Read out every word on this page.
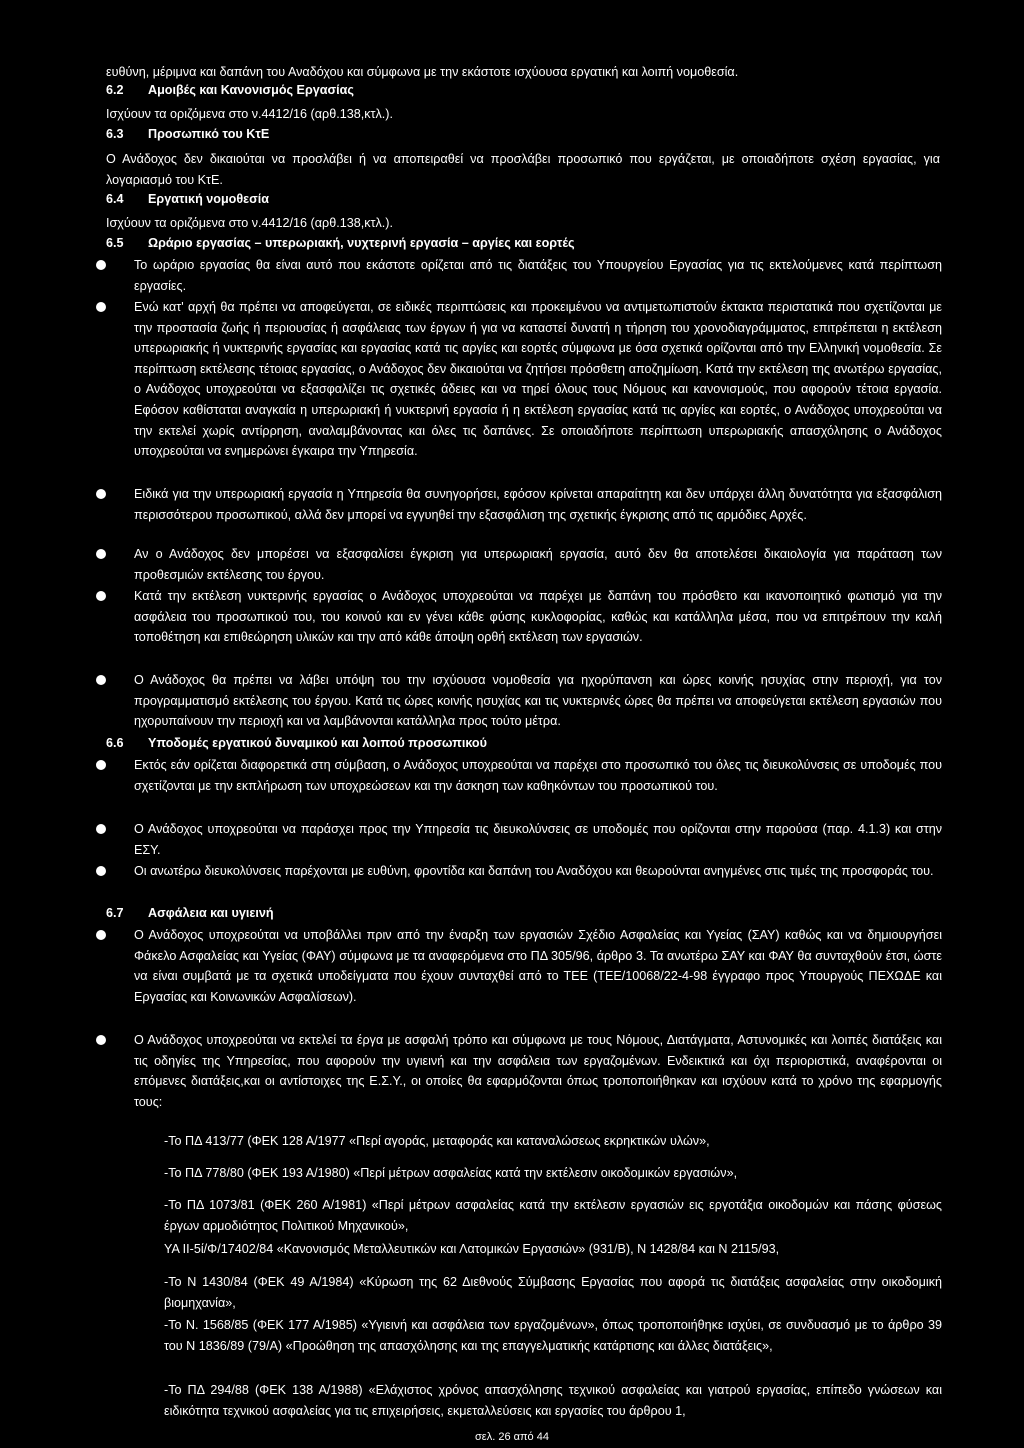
ευθύνη, μέριμνα και δαπάνη του Αναδόχου και σύμφωνα με την εκάστοτε ισχύουσα εργατική και λοιπή νομοθεσία.
6.2 Αμοιβές και Κανονισμός Εργασίας
Ισχύουν τα οριζόμενα στο ν.4412/16 (αρθ.138,κτλ.).
6.3 Προσωπικό του ΚτΕ
Ο Ανάδοχος δεν δικαιούται να προσλάβει ή να αποπειραθεί να προσλάβει προσωπικό που εργάζεται, με οποιαδήποτε σχέση εργασίας, για λογαριασμό του ΚτΕ.
6.4 Εργατική νομοθεσία
Ισχύουν τα οριζόμενα στο ν.4412/16 (αρθ.138,κτλ.).
6.5 Ωράριο εργασίας – υπερωριακή, νυχτερινή εργασία – αργίες και εορτές
Το ωράριο εργασίας θα είναι αυτό που εκάστοτε ορίζεται από τις διατάξεις του Υπουργείου Εργασίας για τις εκτελούμενες κατά περίπτωση εργασίες.
Ενώ κατ' αρχή θα πρέπει να αποφεύγεται, σε ειδικές περιπτώσεις και προκειμένου να αντιμετωπιστούν έκτακτα περιστατικά που σχετίζονται με την προστασία ζωής ή περιουσίας ή ασφάλειας των έργων ή για να καταστεί δυνατή η τήρηση του χρονοδιαγράμματος, επιτρέπεται η εκτέλεση υπερωριακής ή νυκτερινής εργασίας και εργασίας κατά τις αργίες και εορτές σύμφωνα με όσα σχετικά ορίζονται από την Ελληνική νομοθεσία. Σε περίπτωση εκτέλεσης τέτοιας εργασίας, ο Ανάδοχος δεν δικαιούται να ζητήσει πρόσθετη αποζημίωση. Κατά την εκτέλεση της ανωτέρω εργασίας, ο Ανάδοχος υποχρεούται να εξασφαλίζει τις σχετικές άδειες και να τηρεί όλους τους Νόμους και κανονισμούς, που αφορούν τέτοια εργασία. Εφόσον καθίσταται αναγκαία η υπερωριακή ή νυκτερινή εργασία ή η εκτέλεση εργασίας κατά τις αργίες και εορτές, ο Ανάδοχος υποχρεούται να την εκτελεί χωρίς αντίρρηση, αναλαμβάνοντας και όλες τις δαπάνες. Σε οποιαδήποτε περίπτωση υπερωριακής απασχόλησης ο Ανάδοχος υποχρεούται να ενημερώνει έγκαιρα την Υπηρεσία.
Ειδικά για την υπερωριακή εργασία η Υπηρεσία θα συνηγορήσει, εφόσον κρίνεται απαραίτητη και δεν υπάρχει άλλη δυνατότητα για εξασφάλιση περισσότερου προσωπικού, αλλά δεν μπορεί να εγγυηθεί την εξασφάλιση της σχετικής έγκρισης από τις αρμόδιες Αρχές.
Αν ο Ανάδοχος δεν μπορέσει να εξασφαλίσει έγκριση για υπερωριακή εργασία, αυτό δεν θα αποτελέσει δικαιολογία για παράταση των προθεσμιών εκτέλεσης του έργου.
Κατά την εκτέλεση νυκτερινής εργασίας ο Ανάδοχος υποχρεούται να παρέχει με δαπάνη του πρόσθετο και ικανοποιητικό φωτισμό για την ασφάλεια του προσωπικού του, του κοινού και εν γένει κάθε φύσης κυκλοφορίας, καθώς και κατάλληλα μέσα, που να επιτρέπουν την καλή τοποθέτηση και επιθεώρηση υλικών και την από κάθε άποψη ορθή εκτέλεση των εργασιών.
Ο Ανάδοχος θα πρέπει να λάβει υπόψη του την ισχύουσα νομοθεσία για ηχορύπανση και ώρες κοινής ησυχίας στην περιοχή, για τον προγραμματισμό εκτέλεσης του έργου. Κατά τις ώρες κοινής ησυχίας και τις νυκτερινές ώρες θα πρέπει να αποφεύγεται εκτέλεση εργασιών που ηχορυπαίνουν την περιοχή και να λαμβάνονται κατάλληλα προς τούτο μέτρα.
6.6 Υποδομές εργατικού δυναμικού και λοιπού προσωπικού
Εκτός εάν ορίζεται διαφορετικά στη σύμβαση, ο Ανάδοχος υποχρεούται να παρέχει στο προσωπικό του όλες τις διευκολύνσεις σε υποδομές που σχετίζονται με την εκπλήρωση των υποχρεώσεων και την άσκηση των καθηκόντων του προσωπικού του.
Ο Ανάδοχος υποχρεούται να παράσχει προς την Υπηρεσία τις διευκολύνσεις σε υποδομές που ορίζονται στην παρούσα (παρ. 4.1.3) και στην ΕΣΥ.
Οι ανωτέρω διευκολύνσεις παρέχονται με ευθύνη, φροντίδα και δαπάνη του Αναδόχου και θεωρούνται ανηγμένες στις τιμές της προσφοράς του.
6.7 Ασφάλεια και υγιεινή
Ο Ανάδοχος υποχρεούται να υποβάλλει πριν από την έναρξη των εργασιών Σχέδιο Ασφαλείας και Υγείας (ΣΑΥ) καθώς και να δημιουργήσει Φάκελο Ασφαλείας και Υγείας (ΦΑΥ) σύμφωνα με τα αναφερόμενα στο ΠΔ 305/96, άρθρο 3. Τα ανωτέρω ΣΑΥ και ΦΑΥ θα συνταχθούν έτσι, ώστε να είναι συμβατά με τα σχετικά υποδείγματα που έχουν συνταχθεί από το ΤΕΕ (ΤΕΕ/10068/22-4-98 έγγραφο προς Υπουργούς ΠΕΧΩΔΕ και Εργασίας και Κοινωνικών Ασφαλίσεων).
Ο Ανάδοχος υποχρεούται να εκτελεί τα έργα με ασφαλή τρόπο και σύμφωνα με τους Νόμους, Διατάγματα, Αστυνομικές και λοιπές διατάξεις και τις οδηγίες της Υπηρεσίας, που αφορούν την υγιεινή και την ασφάλεια των εργαζομένων. Ενδεικτικά και όχι περιοριστικά, αναφέρονται οι επόμενες διατάξεις,και οι αντίστοιχες της Ε.Σ.Υ., οι οποίες θα εφαρμόζονται όπως τροποποιήθηκαν και ισχύουν κατά το χρόνο της εφαρμογής τους:
-Το ΠΔ 413/77 (ΦΕΚ 128 Α/1977 «Περί αγοράς, μεταφοράς και καταναλώσεως εκρηκτικών υλών»,
-Το ΠΔ 778/80 (ΦΕΚ 193 Α/1980) «Περί μέτρων ασφαλείας κατά την εκτέλεσιν οικοδομικών εργασιών»,
-Το ΠΔ 1073/81 (ΦΕΚ 260 Α/1981) «Περί μέτρων ασφαλείας κατά την εκτέλεσιν εργασιών εις εργοτάξια οικοδομών και πάσης φύσεως έργων αρμοδιότητος Πολιτικού Μηχανικού»,
ΥΑ ΙΙ-5ί/Φ/17402/84 «Κανονισμός Μεταλλευτικών και Λατομικών Εργασιών» (931/Β), Ν 1428/84 και Ν 2115/93,
-Το Ν 1430/84 (ΦΕΚ 49 Α/1984) «Κύρωση της 62 Διεθνούς Σύμβασης Εργασίας που αφορά τις διατάξεις ασφαλείας στην οικοδομική βιομηχανία»,
-Το Ν. 1568/85 (ΦΕΚ 177 Α/1985) «Υγιεινή και ασφάλεια των εργαζομένων», όπως τροποποιήθηκε ισχύει, σε συνδυασμό με το άρθρο 39 του Ν 1836/89 (79/Α) «Προώθηση της απασχόλησης και της επαγγελματικής κατάρτισης και άλλες διατάξεις»,
-Το ΠΔ 294/88 (ΦΕΚ 138 Α/1988) «Ελάχιστος χρόνος απασχόλησης τεχνικού ασφαλείας και γιατρού εργασίας, επίπεδο γνώσεων και ειδικότητα τεχνικού ασφαλείας για τις επιχειρήσεις, εκμεταλλεύσεις και εργασίες του άρθρου 1,
σελ. 26 από 44
